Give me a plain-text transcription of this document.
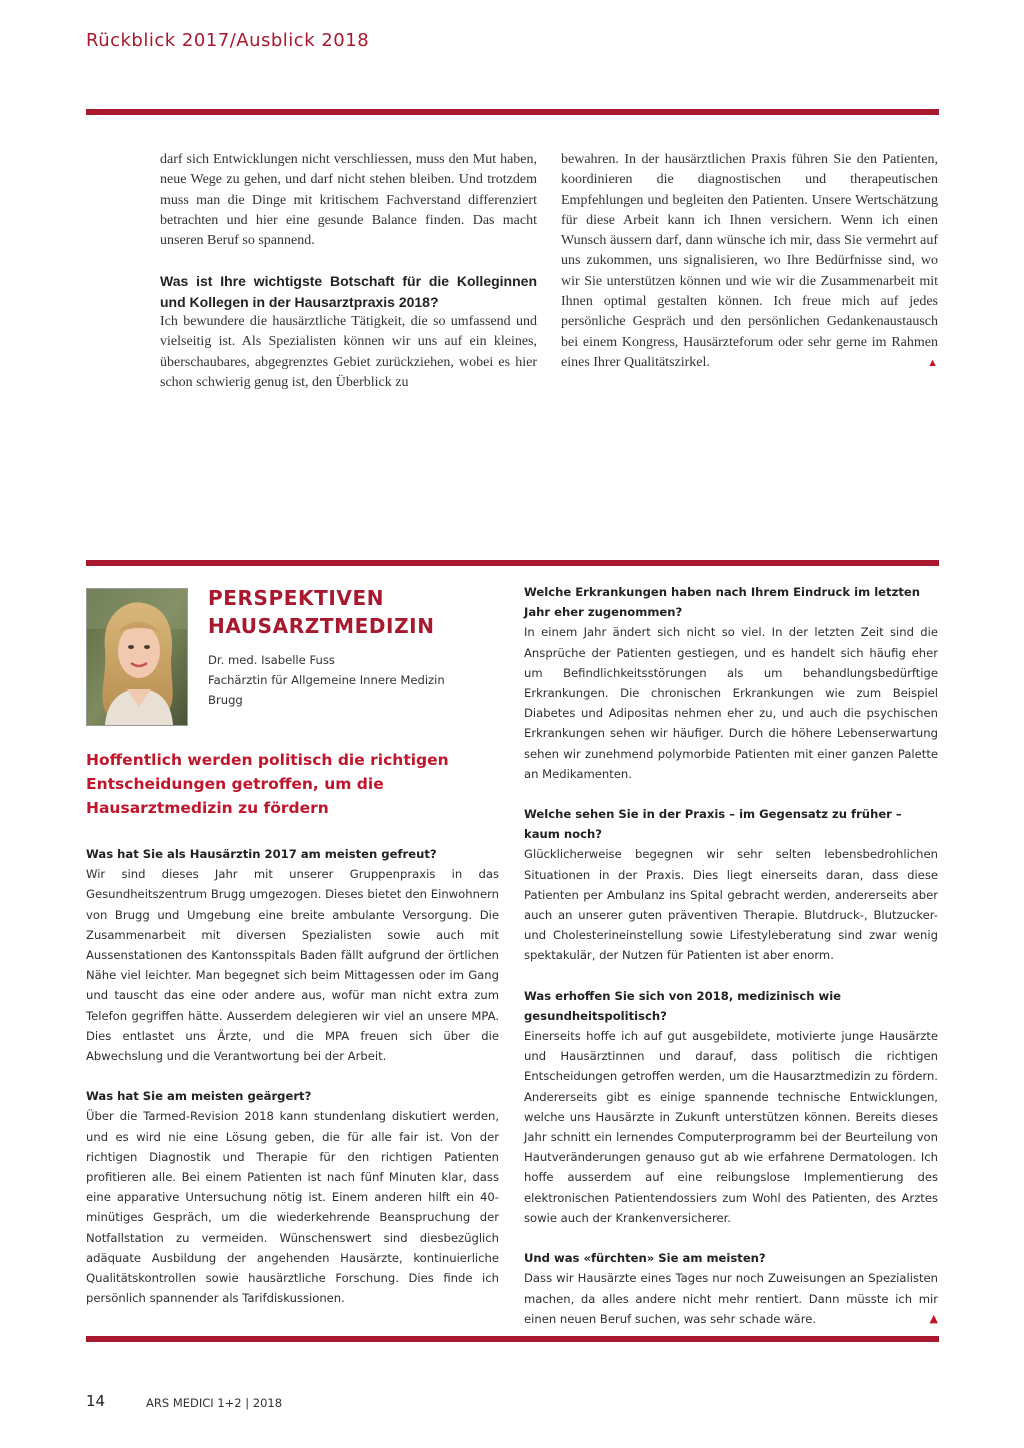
Rückblick 2017/Ausblick 2018

darf sich Entwicklungen nicht verschliessen, muss den Mut haben, neue Wege zu gehen, und darf nicht stehen bleiben. Und trotzdem muss man die Dinge mit kritischem Fachverstand differenziert betrachten und hier eine gesunde Balance finden. Das macht unseren Beruf so spannend.

Was ist Ihre wichtigste Botschaft für die Kolleginnen und Kollegen in der Hausarztpraxis 2018?

Ich bewundere die hausärztliche Tätigkeit, die so umfassend und vielseitig ist. Als Spezialisten können wir uns auf ein kleines, überschaubares, abgegrenztes Gebiet zurückziehen, wobei es hier schon schwierig genug ist, den Überblick zu

bewahren. In der hausärztlichen Praxis führen Sie den Patienten, koordinieren die diagnostischen und therapeutischen Empfehlungen und begleiten den Patienten. Unsere Wertschätzung für diese Arbeit kann ich Ihnen versichern. Wenn ich einen Wunsch äussern darf, dann wünsche ich mir, dass Sie vermehrt auf uns zukommen, uns signalisieren, wo Ihre Bedürfnisse sind, wo wir Sie unterstützen können und wie wir die Zusammenarbeit mit Ihnen optimal gestalten können. Ich freue mich auf jedes persönliche Gespräch und den persönlichen Gedankenaustausch bei einem Kongress, Hausärzteforum oder sehr gerne im Rahmen eines Ihrer Qualitätszirkel.	▲

PERSPEKTIVEN
HAUSARZTMEDIZIN
Dr. med. Isabelle Fuss
Fachärztin für Allgemeine Innere Medizin
Brugg
Hoffentlich werden politisch die richtigen Entscheidungen getroffen, um die Hausarztmedizin zu fördern
Was hat Sie als Hausärztin 2017 am meisten gefreut?
Wir sind dieses Jahr mit unserer Gruppenpraxis in das Gesundheitszentrum Brugg umgezogen. Dieses bietet den Einwohnern von Brugg und Umgebung eine breite ambulante Versorgung. Die Zusammenarbeit mit diversen Spezialisten sowie auch mit Aussenstationen des Kantonsspitals Baden fällt aufgrund der örtlichen Nähe viel leichter. Man begegnet sich beim Mittagessen oder im Gang und tauscht das eine oder andere aus, wofür man nicht extra zum Telefon gegriffen hätte. Ausserdem delegieren wir viel an unsere MPA. Dies entlastet uns Ärzte, und die MPA freuen sich über die Abwechslung und die Verantwortung bei der Arbeit.
Was hat Sie am meisten geärgert?
Über die Tarmed-Revision 2018 kann stundenlang diskutiert werden, und es wird nie eine Lösung geben, die für alle fair ist. Von der richtigen Diagnostik und Therapie für den richtigen Patienten profitieren alle. Bei einem Patienten ist nach fünf Minuten klar, dass eine apparative Untersuchung nötig ist. Einem anderen hilft ein 40-minütiges Gespräch, um die wiederkehrende Beanspruchung der Notfallstation zu vermeiden. Wünschenswert sind diesbezüglich adäquate Ausbildung der angehenden Hausärzte, kontinuierliche Qualitätskontrollen sowie hausärztliche Forschung. Dies finde ich persönlich spannender als Tarifdiskussionen.
Welche Erkrankungen haben nach Ihrem Eindruck im letzten Jahr eher zugenommen?
In einem Jahr ändert sich nicht so viel. In der letzten Zeit sind die Ansprüche der Patienten gestiegen, und es handelt sich häufig eher um Befindlichkeitsstörungen als um behandlungsbedürftige Erkrankungen. Die chronischen Erkrankungen wie zum Beispiel Diabetes und Adipositas nehmen eher zu, und auch die psychischen Erkrankungen sehen wir häufiger. Durch die höhere Lebenserwartung sehen wir zunehmend polymorbide Patienten mit einer ganzen Palette an Medikamenten.
Welche sehen Sie in der Praxis – im Gegensatz zu früher – kaum noch?
Glücklicherweise begegnen wir sehr selten lebensbedrohlichen Situationen in der Praxis. Dies liegt einerseits daran, dass diese Patienten per Ambulanz ins Spital gebracht werden, andererseits aber auch an unserer guten präventiven Therapie. Blutdruck-, Blutzucker- und Cholesterineinstellung sowie Lifestyleberatung sind zwar wenig spektakulär, der Nutzen für Patienten ist aber enorm.
Was erhoffen Sie sich von 2018, medizinisch wie gesundheitspolitisch?
Einerseits hoffe ich auf gut ausgebildete, motivierte junge Hausärzte und Hausärztinnen und darauf, dass politisch die richtigen Entscheidungen getroffen werden, um die Hausarztmedizin zu fördern. Andererseits gibt es einige spannende technische Entwicklungen, welche uns Hausärzte in Zukunft unterstützen können. Bereits dieses Jahr schnitt ein lernendes Computerprogramm bei der Beurteilung von Hautveränderungen genauso gut ab wie erfahrene Dermatologen. Ich hoffe ausserdem auf eine reibungslose Implementierung des elektronischen Patientendossiers zum Wohl des Patienten, des Arztes sowie auch der Krankenversicherer.
Und was «fürchten» Sie am meisten?
Dass wir Hausärzte eines Tages nur noch Zuweisungen an Spezialisten machen, da alles andere nicht mehr rentiert. Dann müsste ich mir einen neuen Beruf suchen, was sehr schade wäre.	▲
14	ARS MEDICI 1+2 | 2018
